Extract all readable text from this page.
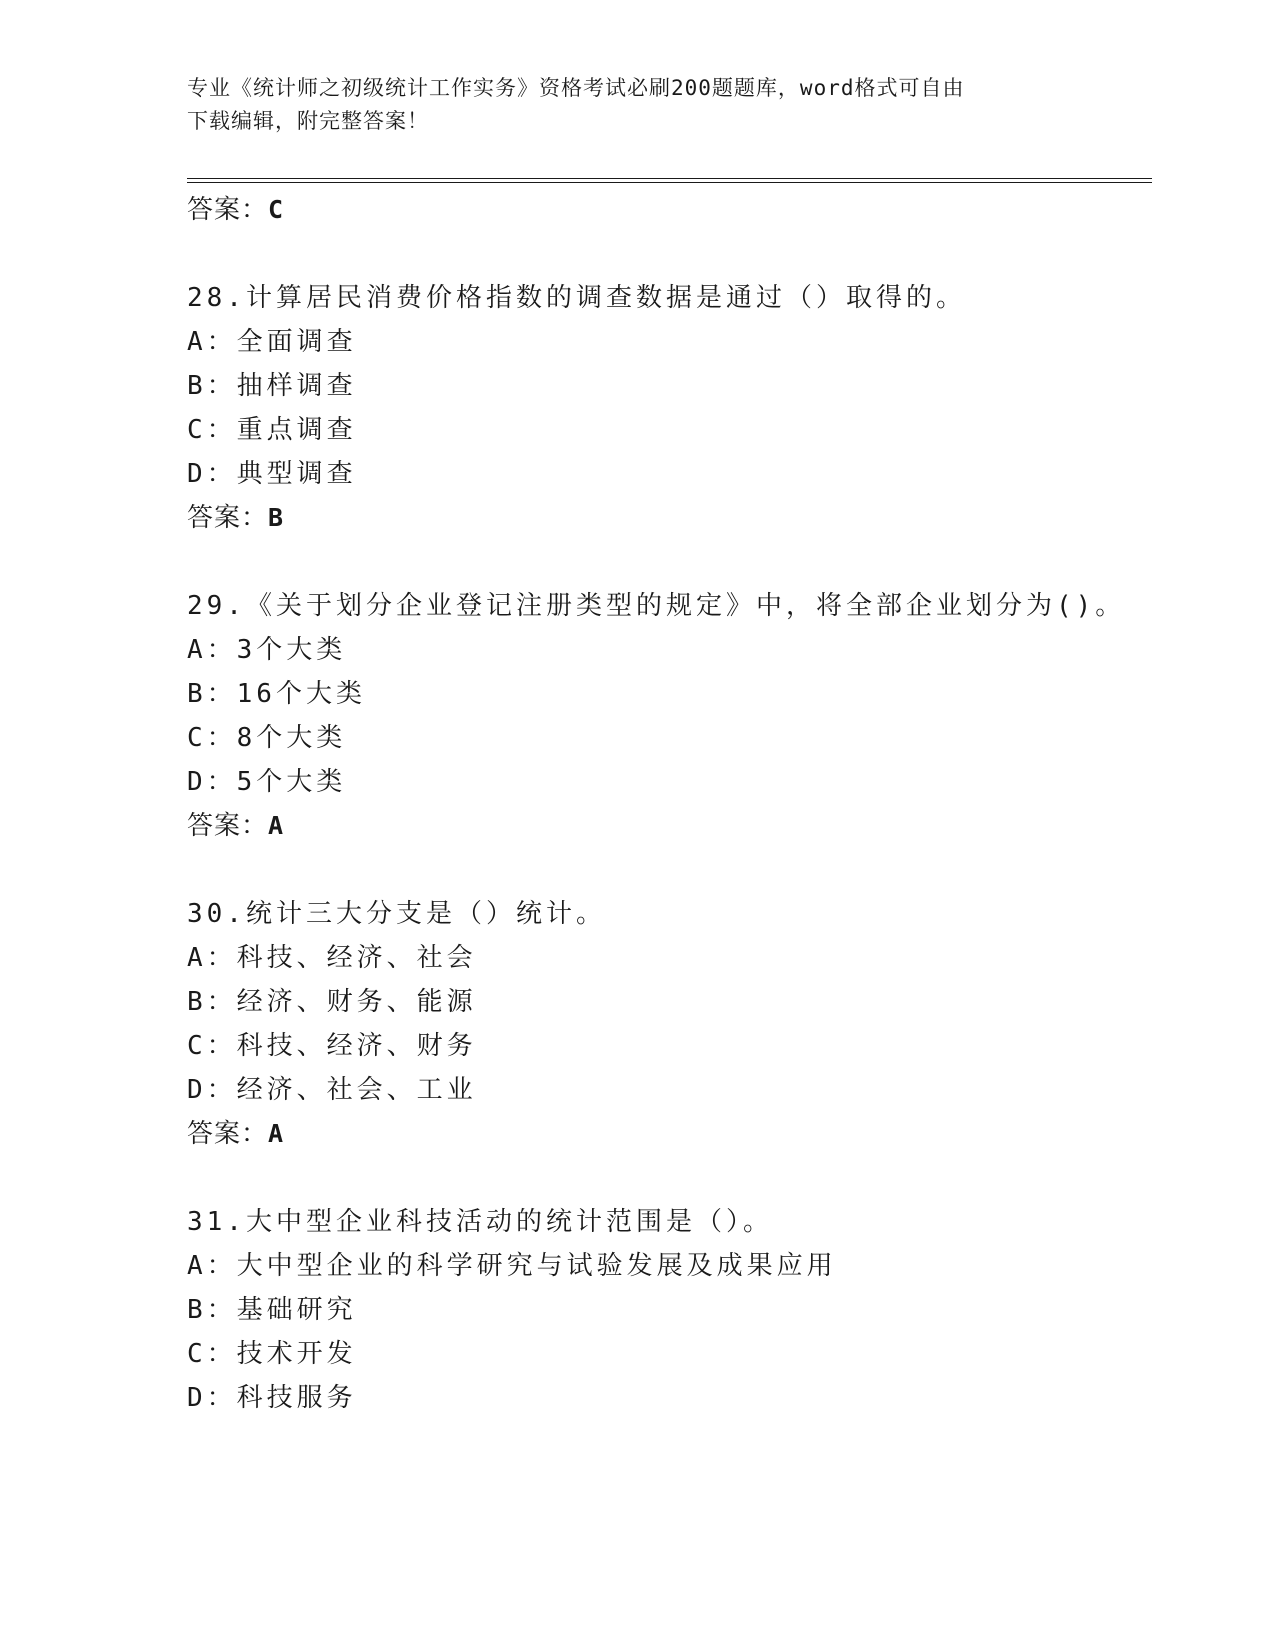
专业《统计师之初级统计工作实务》资格考试必刷200题题库，word格式可自由
下载编辑，附完整答案！
答案：C
28.计算居民消费价格指数的调查数据是通过（）取得的。
A：全面调查
B：抽样调查
C：重点调查
D：典型调查
答案：B
29.《关于划分企业登记注册类型的规定》中，将全部企业划分为()。
A：3个大类
B：16个大类
C：8个大类
D：5个大类
答案：A
30.统计三大分支是（）统计。
A：科技、经济、社会
B：经济、财务、能源
C：科技、经济、财务
D：经济、社会、工业
答案：A
31.大中型企业科技活动的统计范围是（）。
A：大中型企业的科学研究与试验发展及成果应用
B：基础研究
C：技术开发
D：科技服务
